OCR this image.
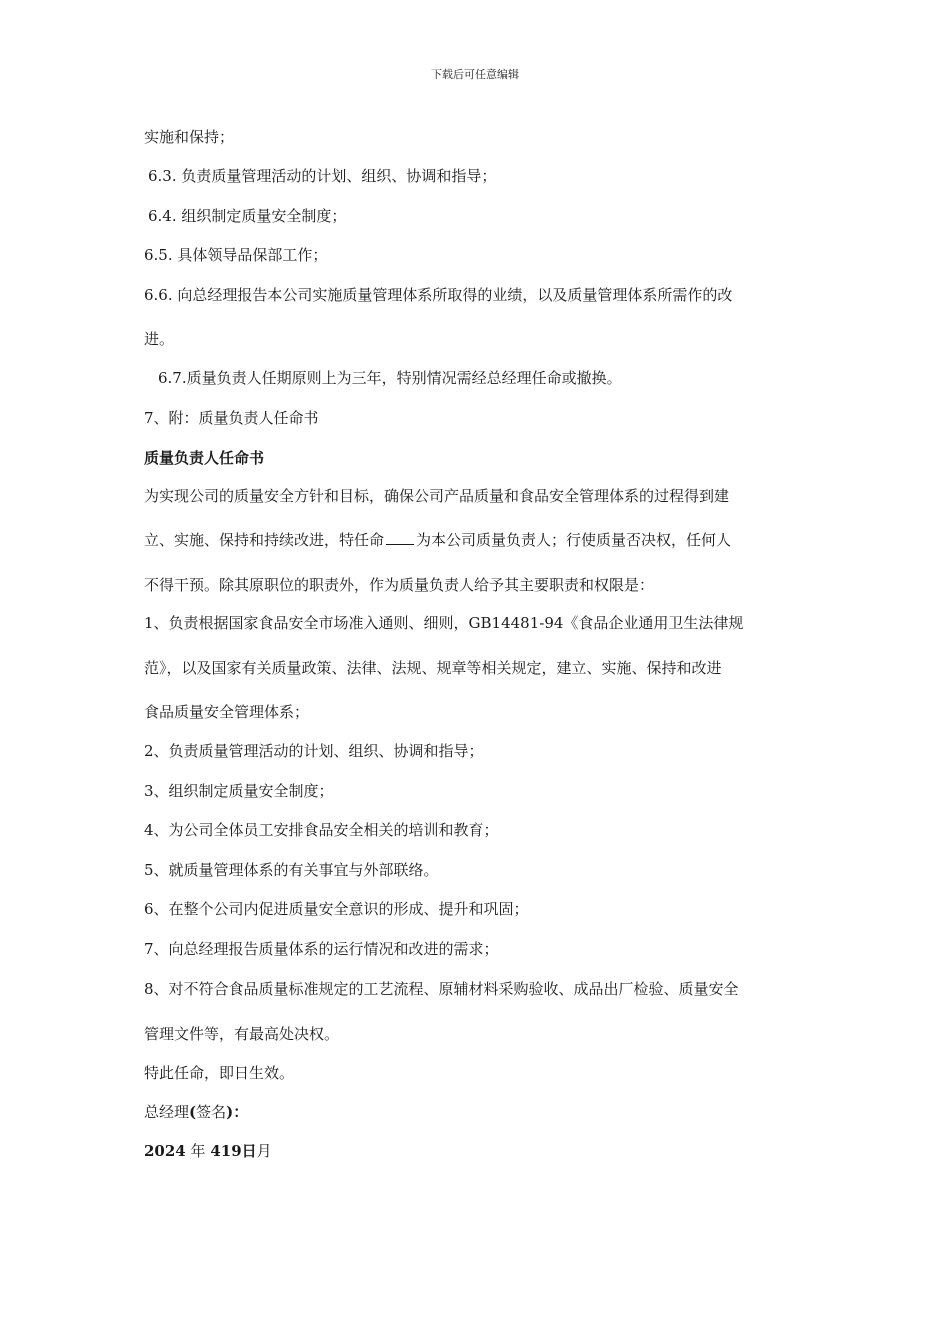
下载后可任意编辑
实施和保持；
6.3. 负责质量管理活动的计划、组织、协调和指导；
6.4. 组织制定质量安全制度；
6.5. 具体领导品保部工作；
6.6. 向总经理报告本公司实施质量管理体系所取得的业绩，以及质量管理体系所需作的改
进。
6.7.质量负责人任期原则上为三年，特别情况需经总经理任命或撤换。
7、附：质量负责人任命书
质量负责人任命书
为实现公司的质量安全方针和目标，确保公司产品质量和食品安全管理体系的过程得到建
立、实施、保持和持续改进，特任命 为本公司质量负责人；行使质量否决权，任何人
不得干预。除其原职位的职责外，作为质量负责人给予其主要职责和权限是：
1、负责根据国家食品安全市场准入通则、细则，GB14481-94《食品企业通用卫生法律规
范》，以及国家有关质量政策、法律、法规、规章等相关规定，建立、实施、保持和改进
食品质量安全管理体系；
2、负责质量管理活动的计划、组织、协调和指导；
3、组织制定质量安全制度；
4、为公司全体员工安排食品安全相关的培训和教育；
5、就质量管理体系的有关事宜与外部联络。
6、在整个公司内促进质量安全意识的形成、提升和巩固；
7、向总经理报告质量体系的运行情况和改进的需求；
8、对不符合食品质量标准规定的工艺流程、原辅材料采购验收、成品出厂检验、质量安全
管理文件等，有最高处决权。
特此任命，即日生效。
总经理(签名)：
2024 年 419日月
